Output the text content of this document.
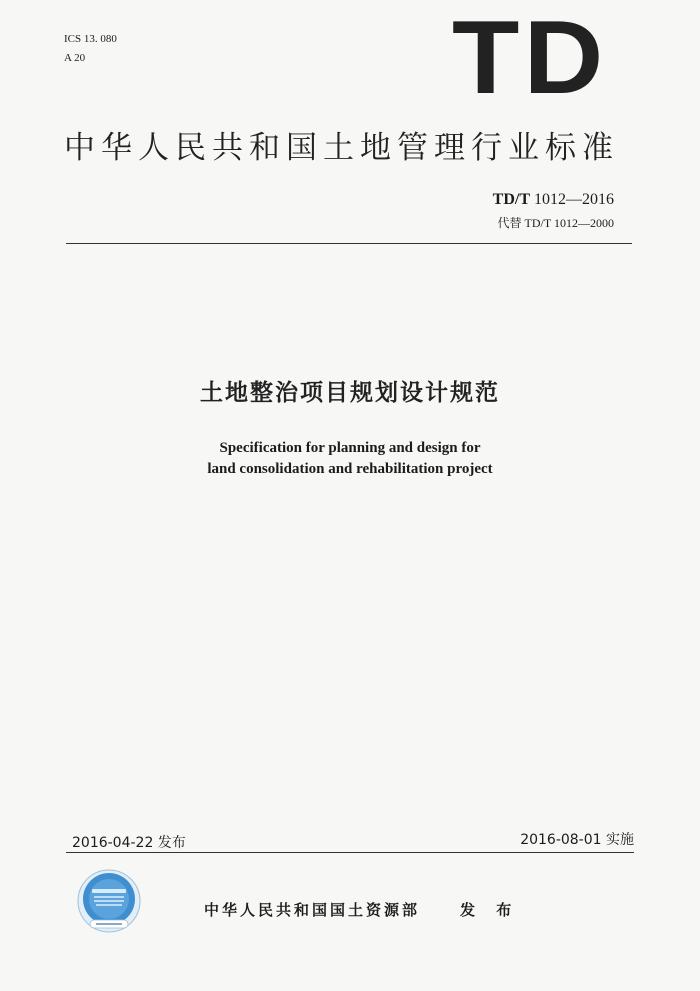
ICS 13. 080
A 20	TD
中华人民共和国土地管理行业标准
TD/T 1012—2016
代替 TD/T 1012—2000
土地整治项目规划设计规范
Specification for planning and design for
land consolidation and rehabilitation project
2016-04-22 发布	2016-08-01 实施
中华人民共和国国土资源部	发 布
